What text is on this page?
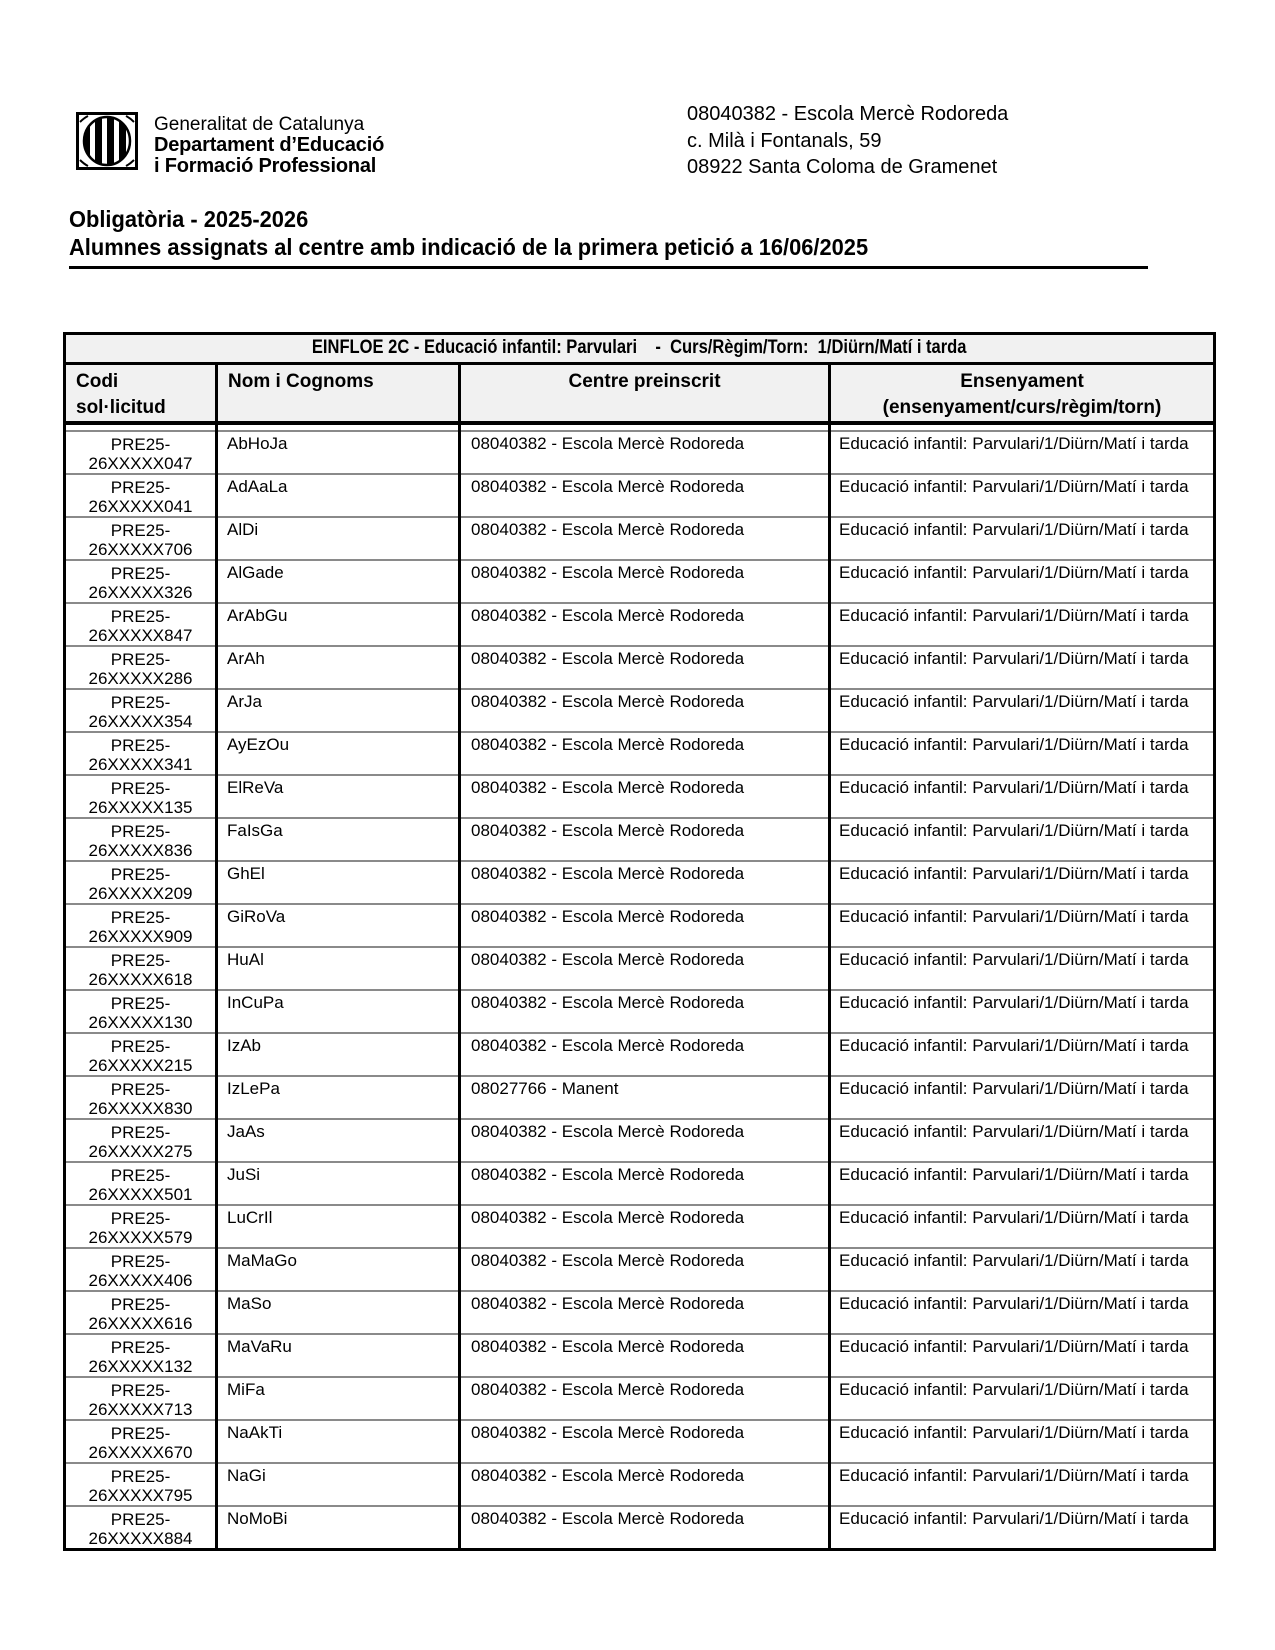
Generalitat de Catalunya
Departament d’Educació
i Formació Professional
08040382 - Escola Mercè Rodoreda
c. Milà i Fontanals, 59
08922 Santa Coloma de Gramenet
Obligatòria - 2025-2026
Alumnes assignats al centre amb indicació de la primera petició a 16/06/2025
EINFLOE 2C - Educació infantil: Parvulari    -  Curs/Règim/Torn:  1/Diürn/Matí i tarda			

Codi
sol·licitud
	Nom i Cognoms	Centre preinscrit	Ensenyament
(ensenyament/curs/règim/torn)

PRE25-
26XXXXX047	AbHoJa	08040382 - Escola Mercè Rodoreda	Educació infantil: Parvulari/1/Diürn/Matí i tarda

PRE25-
26XXXXX041	AdAaLa	08040382 - Escola Mercè Rodoreda	Educació infantil: Parvulari/1/Diürn/Matí i tarda

PRE25-
26XXXXX706	AlDi	08040382 - Escola Mercè Rodoreda	Educació infantil: Parvulari/1/Diürn/Matí i tarda

PRE25-
26XXXXX326	AlGade	08040382 - Escola Mercè Rodoreda	Educació infantil: Parvulari/1/Diürn/Matí i tarda

PRE25-
26XXXXX847	ArAbGu	08040382 - Escola Mercè Rodoreda	Educació infantil: Parvulari/1/Diürn/Matí i tarda

PRE25-
26XXXXX286	ArAh	08040382 - Escola Mercè Rodoreda	Educació infantil: Parvulari/1/Diürn/Matí i tarda

PRE25-
26XXXXX354	ArJa	08040382 - Escola Mercè Rodoreda	Educació infantil: Parvulari/1/Diürn/Matí i tarda

PRE25-
26XXXXX341	AyEzOu	08040382 - Escola Mercè Rodoreda	Educació infantil: Parvulari/1/Diürn/Matí i tarda

PRE25-
26XXXXX135	ElReVa	08040382 - Escola Mercè Rodoreda	Educació infantil: Parvulari/1/Diürn/Matí i tarda

PRE25-
26XXXXX836	FaIsGa	08040382 - Escola Mercè Rodoreda	Educació infantil: Parvulari/1/Diürn/Matí i tarda

PRE25-
26XXXXX209	GhEl	08040382 - Escola Mercè Rodoreda	Educació infantil: Parvulari/1/Diürn/Matí i tarda

PRE25-
26XXXXX909	GiRoVa	08040382 - Escola Mercè Rodoreda	Educació infantil: Parvulari/1/Diürn/Matí i tarda

PRE25-
26XXXXX618	HuAl	08040382 - Escola Mercè Rodoreda	Educació infantil: Parvulari/1/Diürn/Matí i tarda

PRE25-
26XXXXX130	InCuPa	08040382 - Escola Mercè Rodoreda	Educació infantil: Parvulari/1/Diürn/Matí i tarda

PRE25-
26XXXXX215	IzAb	08040382 - Escola Mercè Rodoreda	Educació infantil: Parvulari/1/Diürn/Matí i tarda

PRE25-
26XXXXX830	IzLePa	08027766 - Manent	Educació infantil: Parvulari/1/Diürn/Matí i tarda

PRE25-
26XXXXX275	JaAs	08040382 - Escola Mercè Rodoreda	Educació infantil: Parvulari/1/Diürn/Matí i tarda

PRE25-
26XXXXX501	JuSi	08040382 - Escola Mercè Rodoreda	Educació infantil: Parvulari/1/Diürn/Matí i tarda

PRE25-
26XXXXX579	LuCrIl	08040382 - Escola Mercè Rodoreda	Educació infantil: Parvulari/1/Diürn/Matí i tarda

PRE25-
26XXXXX406	MaMaGo	08040382 - Escola Mercè Rodoreda	Educació infantil: Parvulari/1/Diürn/Matí i tarda

PRE25-
26XXXXX616	MaSo	08040382 - Escola Mercè Rodoreda	Educació infantil: Parvulari/1/Diürn/Matí i tarda

PRE25-
26XXXXX132	MaVaRu	08040382 - Escola Mercè Rodoreda	Educació infantil: Parvulari/1/Diürn/Matí i tarda

PRE25-
26XXXXX713	MiFa	08040382 - Escola Mercè Rodoreda	Educació infantil: Parvulari/1/Diürn/Matí i tarda

PRE25-
26XXXXX670	NaAkTi	08040382 - Escola Mercè Rodoreda	Educació infantil: Parvulari/1/Diürn/Matí i tarda

PRE25-
26XXXXX795	NaGi	08040382 - Escola Mercè Rodoreda	Educació infantil: Parvulari/1/Diürn/Matí i tarda

PRE25-
26XXXXX884	NoMoBi	08040382 - Escola Mercè Rodoreda	Educació infantil: Parvulari/1/Diürn/Matí i tarda
